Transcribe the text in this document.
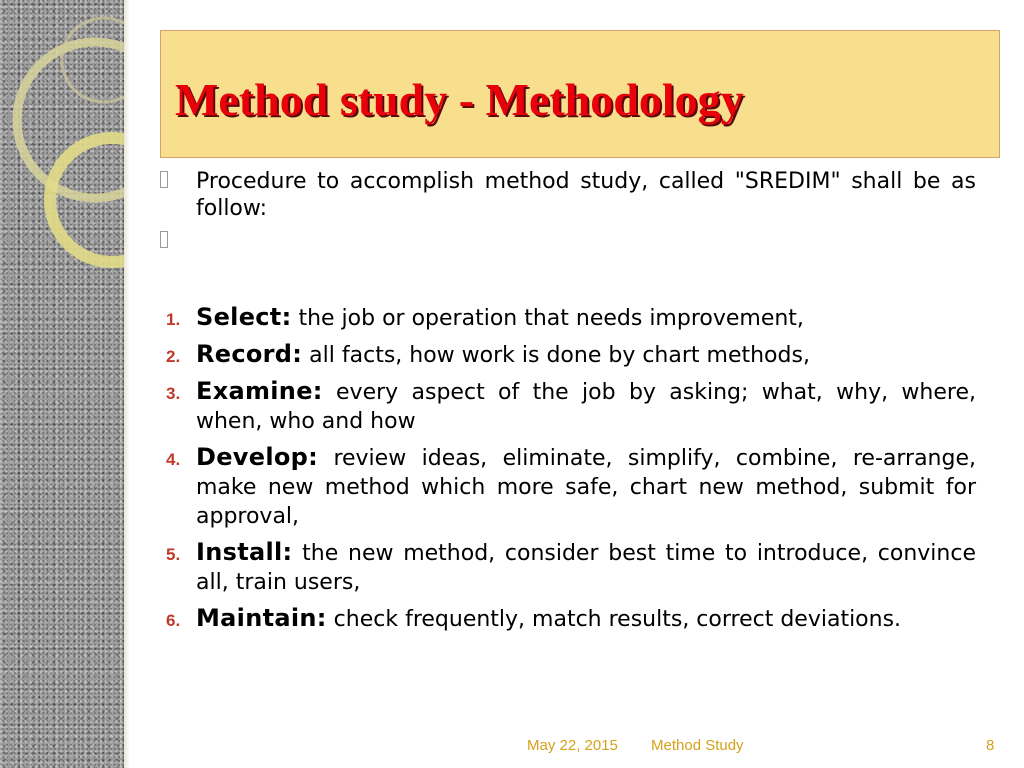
Method study - Methodology
Procedure to accomplish method study, called "SREDIM" shall be as follow:
1. Select: the job or operation that needs improvement,
2. Record: all facts, how work is done by chart methods,
3. Examine: every aspect of the job by asking; what, why, where, when, who and how
4. Develop: review ideas, eliminate, simplify, combine, re-arrange, make new method which more safe, chart new method, submit for approval,
5. Install: the new method, consider best time to introduce, convince all, train users,
6. Maintain: check frequently, match results, correct deviations.
May 22, 2015 Method Study	8
